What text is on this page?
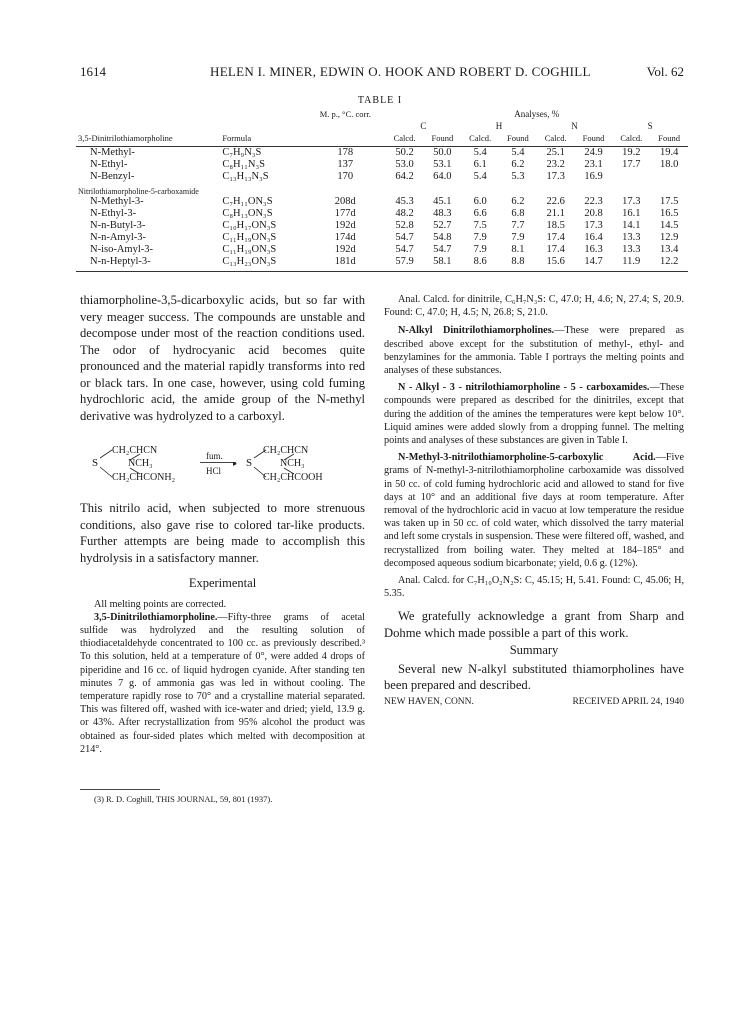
1614	HELEN I. MINER, EDWIN O. HOOK AND ROBERT D. COGHILL	Vol. 62
TABLE I
		M. p., °C. corr.	Analyses, %							
			C		H		N		S	
3,5-Dinitrilothiamorpholine	Formula		Calcd.	Found	Calcd.	Found	Calcd.	Found	Calcd.	Found
N-Methyl-	C₇H₉N₃S	178	50.2	50.0	5.4	5.4	25.1	24.9	19.2	19.4
N-Ethyl-	C₈H₁₁N₃S	137	53.0	53.1	6.1	6.2	23.2	23.1	17.7	18.0
N-Benzyl-	C₁₃H₁₃N₃S	170	64.2	64.0	5.4	5.3	17.3	16.9		
Nitrilothiamorpholine-5-carboxamide										
N-Methyl-3-	C₇H₁₁ON₃S	208d	45.3	45.1	6.0	6.2	22.6	22.3	17.3	17.5
N-Ethyl-3-	C₈H₁₃ON₃S	177d	48.2	48.3	6.6	6.8	21.1	20.8	16.1	16.5
N-n-Butyl-3-	C₁₀H₁₇ON₃S	192d	52.8	52.7	7.5	7.7	18.5	17.3	14.1	14.5
N-n-Amyl-3-	C₁₁H₁₉ON₃S	174d	54.7	54.8	7.9	7.9	17.4	16.4	13.3	12.9
N-iso-Amyl-3-	C₁₁H₁₉ON₃S	192d	54.7	54.7	7.9	8.1	17.4	16.3	13.3	13.4
N-n-Heptyl-3-	C₁₃H₂₃ON₃S	181d	57.9	58.1	8.6	8.8	15.6	14.7	11.9	12.2

thiamorpholine-3,5-dicarboxylic acids, but so far with very meager success. The compounds are unstable and decompose under most of the reaction conditions used. The odor of hydrocyanic acid becomes quite pronounced and the material rapidly transforms into red or black tars. In one case, however, using cold fuming hydrochloric acid, the amide group of the N-methyl derivative was hydrolyzed to a carboxyl.

CH₂CHCN
S	NCH₃
CH₂CHCONH₂
fum.
▸
HCl
CH₂CHCN
S	NCH₃
CH₂CHCOOH

This nitrilo acid, when subjected to more strenuous conditions, also gave rise to colored tar-like products. Further attempts are being made to accomplish this hydrolysis in a satisfactory manner.

Experimental

All melting points are corrected.

3,5-Dinitrilothiamorpholine.—Fifty-three grams of acetal sulfide was hydrolyzed and the resulting solution of thiodiacetaldehyde concentrated to 100 cc. as previously described.³ To this solution, held at a temperature of 0°, were added 4 drops of piperidine and 16 cc. of liquid hydrogen cyanide. After standing ten minutes 7 g. of ammonia gas was led in without cooling. The temperature rapidly rose to 70° and a crystalline material separated. This was filtered off, washed with ice-water and dried; yield, 13.9 g. or 43%. After recrystallization from 95% alcohol the product was obtained as four-sided plates which melted with decomposition at 214°.

(3) R. D. Coghill, THIS JOURNAL, 59, 801 (1937).

Anal. Calcd. for dinitrile, C₆H₇N₃S: C, 47.0; H, 4.6; N, 27.4; S, 20.9. Found: C, 47.0; H, 4.5; N, 26.8; S, 21.0.

N-Alkyl Dinitrilothiamorpholines.—These were prepared as described above except for the substitution of methyl-, ethyl- and benzylamines for the ammonia. Table I portrays the melting points and analyses of these substances.

N - Alkyl - 3 - nitrilothiamorpholine - 5 - carboxamides.—These compounds were prepared as described for the dinitriles, except that during the addition of the amines the temperatures were kept below 10°. Liquid amines were added slowly from a dropping funnel. The melting points and analyses of these substances are given in Table I.

N-Methyl-3-nitrilothiamorpholine-5-carboxylic Acid.—Five grams of N-methyl-3-nitrilothiamorpholine carboxamide was dissolved in 50 cc. of cold fuming hydrochloric acid and allowed to stand for five days at 10° and an additional five days at room temperature. After removal of the hydrochloric acid in vacuo at low temperature the residue was taken up in 50 cc. of cold water, which dissolved the tarry material and left some crystals in suspension. These were filtered off, washed, and recrystallized from boiling water. They melted at 184–185° and decomposed aqueous sodium bicarbonate; yield, 0.6 g. (12%).

Anal. Calcd. for C₇H₁₀O₂N₂S: C, 45.15; H, 5.41. Found: C, 45.06; H, 5.35.

We gratefully acknowledge a grant from Sharp and Dohme which made possible a part of this work.

Summary

Several new N-alkyl substituted thiamorpholines have been prepared and described.

NEW HAVEN, CONN.	RECEIVED APRIL 24, 1940
